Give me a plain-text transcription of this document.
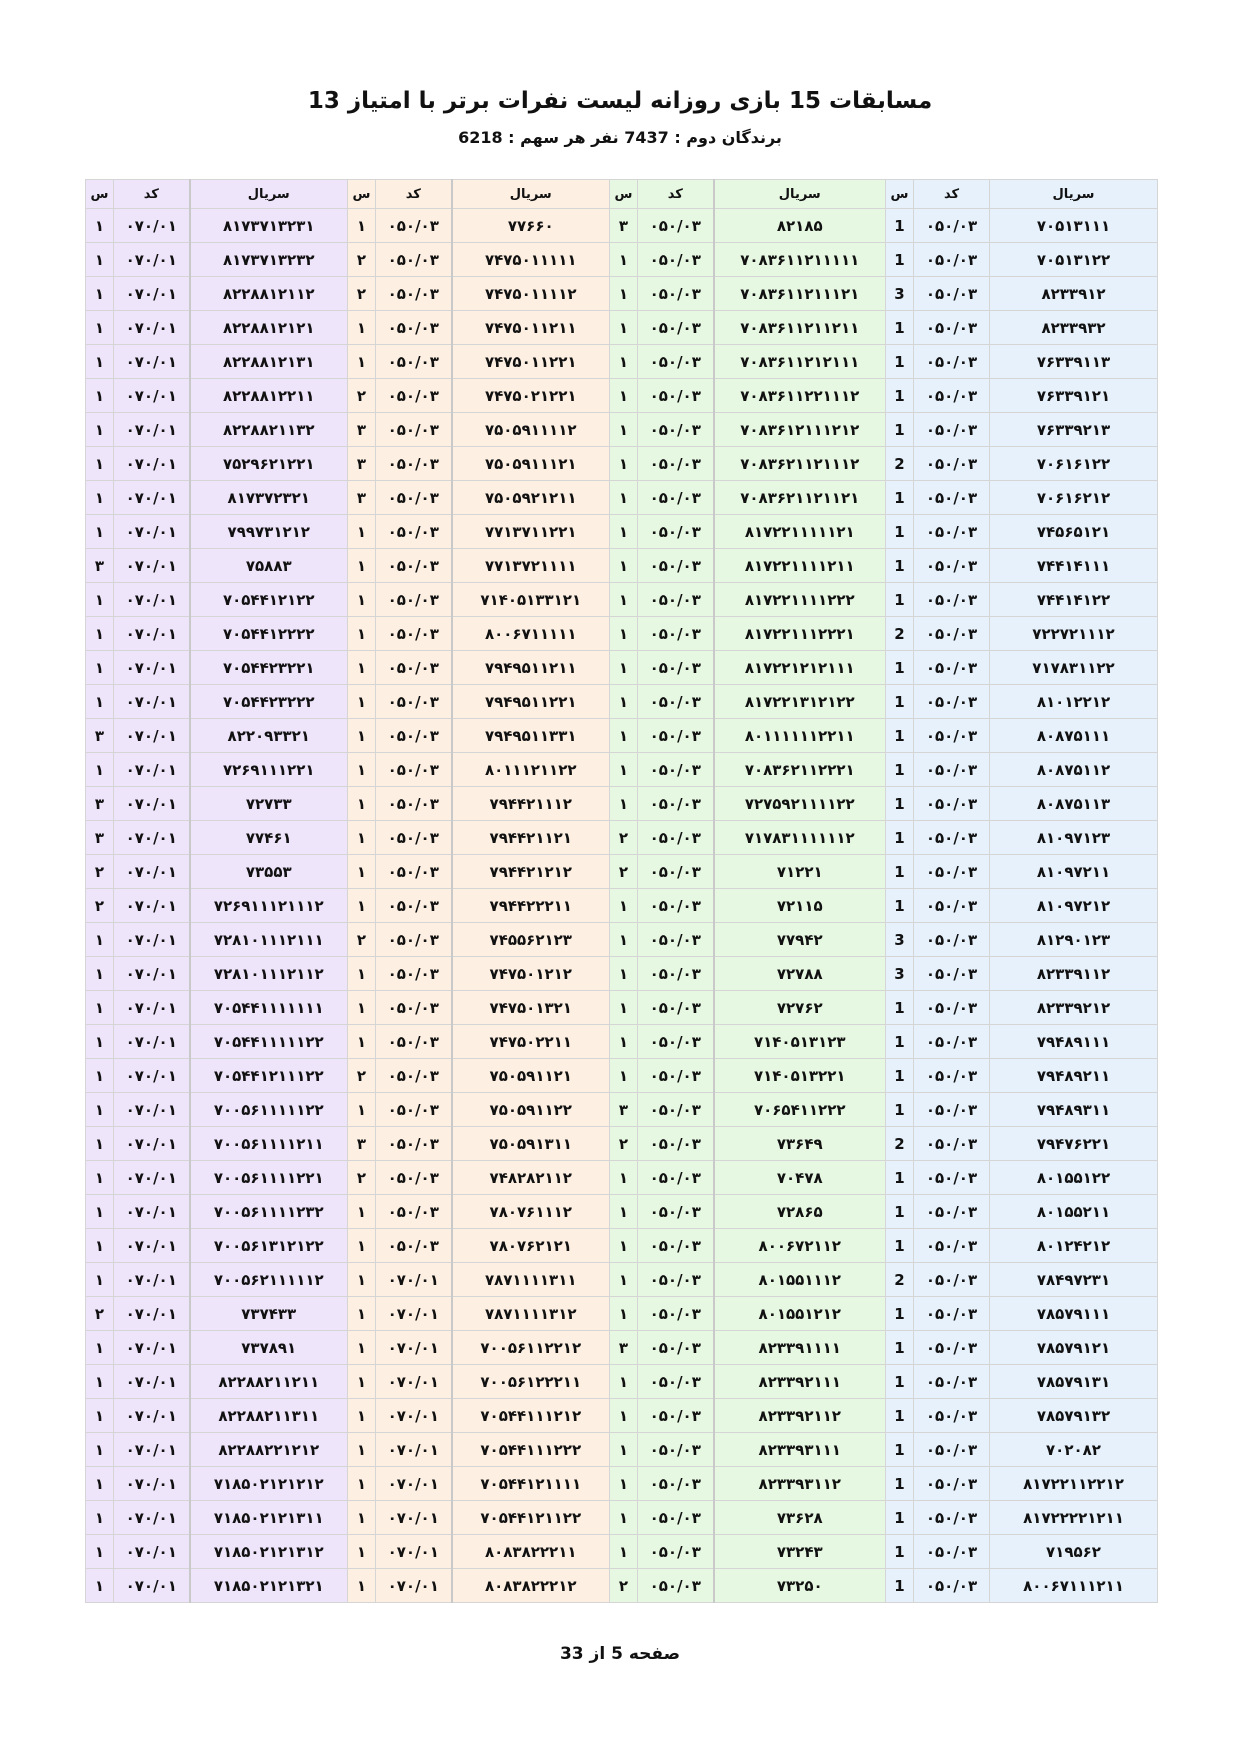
مسابقات 15 بازی روزانه لیست نفرات برتر با امتیاز 13
برندگان دوم : 7437 نفر هر سهم : 6218
س	کد	سریال	س	کد	سریال	س	کد	سریال	س	کد	سریال
۱	۰۷۰/۰۱	۸۱۷۳۷۱۳۲۳۱	۱	۰۵۰/۰۳	۷۷۶۶۰	۳	۰۵۰/۰۳	۸۲۱۸۵	1	۰۵۰/۰۳	۷۰۵۱۳۱۱۱
۱	۰۷۰/۰۱	۸۱۷۳۷۱۳۲۳۲	۲	۰۵۰/۰۳	۷۴۷۵۰۱۱۱۱۱	۱	۰۵۰/۰۳	۷۰۸۳۶۱۱۲۱۱۱۱۱	1	۰۵۰/۰۳	۷۰۵۱۳۱۲۲
۱	۰۷۰/۰۱	۸۲۲۸۸۱۲۱۱۲	۲	۰۵۰/۰۳	۷۴۷۵۰۱۱۱۱۲	۱	۰۵۰/۰۳	۷۰۸۳۶۱۱۲۱۱۱۲۱	3	۰۵۰/۰۳	۸۲۳۳۹۱۲
۱	۰۷۰/۰۱	۸۲۲۸۸۱۲۱۲۱	۱	۰۵۰/۰۳	۷۴۷۵۰۱۱۲۱۱	۱	۰۵۰/۰۳	۷۰۸۳۶۱۱۲۱۱۲۱۱	1	۰۵۰/۰۳	۸۲۳۳۹۳۲
۱	۰۷۰/۰۱	۸۲۲۸۸۱۲۱۳۱	۱	۰۵۰/۰۳	۷۴۷۵۰۱۱۲۲۱	۱	۰۵۰/۰۳	۷۰۸۳۶۱۱۲۱۲۱۱۱	1	۰۵۰/۰۳	۷۶۳۳۹۱۱۳
۱	۰۷۰/۰۱	۸۲۲۸۸۱۲۲۱۱	۲	۰۵۰/۰۳	۷۴۷۵۰۲۱۲۲۱	۱	۰۵۰/۰۳	۷۰۸۳۶۱۱۲۲۱۱۱۲	1	۰۵۰/۰۳	۷۶۳۳۹۱۲۱
۱	۰۷۰/۰۱	۸۲۲۸۸۲۱۱۳۲	۳	۰۵۰/۰۳	۷۵۰۵۹۱۱۱۱۲	۱	۰۵۰/۰۳	۷۰۸۳۶۱۲۱۱۱۲۱۲	1	۰۵۰/۰۳	۷۶۳۳۹۲۱۳
۱	۰۷۰/۰۱	۷۵۲۹۶۲۱۲۲۱	۳	۰۵۰/۰۳	۷۵۰۵۹۱۱۱۲۱	۱	۰۵۰/۰۳	۷۰۸۳۶۲۱۱۲۱۱۱۲	2	۰۵۰/۰۳	۷۰۶۱۶۱۲۲
۱	۰۷۰/۰۱	۸۱۷۳۷۲۳۲۱	۳	۰۵۰/۰۳	۷۵۰۵۹۲۱۲۱۱	۱	۰۵۰/۰۳	۷۰۸۳۶۲۱۱۲۱۱۲۱	1	۰۵۰/۰۳	۷۰۶۱۶۲۱۲
۱	۰۷۰/۰۱	۷۹۹۷۳۱۲۱۲	۱	۰۵۰/۰۳	۷۷۱۳۷۱۱۲۲۱	۱	۰۵۰/۰۳	۸۱۷۲۲۱۱۱۱۱۲۱	1	۰۵۰/۰۳	۷۴۵۶۵۱۲۱
۳	۰۷۰/۰۱	۷۵۸۸۳	۱	۰۵۰/۰۳	۷۷۱۳۷۲۱۱۱۱	۱	۰۵۰/۰۳	۸۱۷۲۲۱۱۱۱۲۱۱	1	۰۵۰/۰۳	۷۴۴۱۴۱۱۱
۱	۰۷۰/۰۱	۷۰۵۴۴۱۲۱۲۲	۱	۰۵۰/۰۳	۷۱۴۰۵۱۳۳۱۲۱	۱	۰۵۰/۰۳	۸۱۷۲۲۱۱۱۱۲۲۲	1	۰۵۰/۰۳	۷۴۴۱۴۱۲۲
۱	۰۷۰/۰۱	۷۰۵۴۴۱۲۲۲۲	۱	۰۵۰/۰۳	۸۰۰۶۷۱۱۱۱۱	۱	۰۵۰/۰۳	۸۱۷۲۲۱۱۱۲۲۲۱	2	۰۵۰/۰۳	۷۲۲۷۲۱۱۱۲
۱	۰۷۰/۰۱	۷۰۵۴۴۲۳۲۲۱	۱	۰۵۰/۰۳	۷۹۴۹۵۱۱۲۱۱	۱	۰۵۰/۰۳	۸۱۷۲۲۱۲۱۲۱۱۱	1	۰۵۰/۰۳	۷۱۷۸۳۱۱۲۲
۱	۰۷۰/۰۱	۷۰۵۴۴۲۳۲۲۲	۱	۰۵۰/۰۳	۷۹۴۹۵۱۱۲۲۱	۱	۰۵۰/۰۳	۸۱۷۲۲۱۳۱۲۱۲۲	1	۰۵۰/۰۳	۸۱۰۱۲۲۱۲
۳	۰۷۰/۰۱	۸۲۲۰۹۳۳۲۱	۱	۰۵۰/۰۳	۷۹۴۹۵۱۱۳۳۱	۱	۰۵۰/۰۳	۸۰۱۱۱۱۱۱۲۲۱۱	1	۰۵۰/۰۳	۸۰۸۷۵۱۱۱
۱	۰۷۰/۰۱	۷۲۶۹۱۱۱۲۲۱	۱	۰۵۰/۰۳	۸۰۱۱۱۲۱۱۲۲	۱	۰۵۰/۰۳	۷۰۸۳۶۲۱۱۲۲۲۱	1	۰۵۰/۰۳	۸۰۸۷۵۱۱۲
۳	۰۷۰/۰۱	۷۲۷۳۳	۱	۰۵۰/۰۳	۷۹۴۴۲۱۱۱۲	۱	۰۵۰/۰۳	۷۲۷۵۹۲۱۱۱۱۲۲	1	۰۵۰/۰۳	۸۰۸۷۵۱۱۳
۳	۰۷۰/۰۱	۷۷۴۶۱	۱	۰۵۰/۰۳	۷۹۴۴۲۱۱۲۱	۲	۰۵۰/۰۳	۷۱۷۸۳۱۱۱۱۱۱۲	1	۰۵۰/۰۳	۸۱۰۹۷۱۲۳
۲	۰۷۰/۰۱	۷۳۵۵۳	۱	۰۵۰/۰۳	۷۹۴۴۲۱۲۱۲	۲	۰۵۰/۰۳	۷۱۲۲۱	1	۰۵۰/۰۳	۸۱۰۹۷۲۱۱
۲	۰۷۰/۰۱	۷۲۶۹۱۱۱۲۱۱۱۲	۱	۰۵۰/۰۳	۷۹۴۴۲۲۲۱۱	۱	۰۵۰/۰۳	۷۲۱۱۵	1	۰۵۰/۰۳	۸۱۰۹۷۲۱۲
۱	۰۷۰/۰۱	۷۲۸۱۰۱۱۱۲۱۱۱	۲	۰۵۰/۰۳	۷۴۵۵۶۲۱۲۳	۱	۰۵۰/۰۳	۷۷۹۴۲	3	۰۵۰/۰۳	۸۱۲۹۰۱۲۳
۱	۰۷۰/۰۱	۷۲۸۱۰۱۱۱۲۱۱۲	۱	۰۵۰/۰۳	۷۴۷۵۰۱۲۱۲	۱	۰۵۰/۰۳	۷۲۷۸۸	3	۰۵۰/۰۳	۸۲۳۳۹۱۱۲
۱	۰۷۰/۰۱	۷۰۵۴۴۱۱۱۱۱۱۱	۱	۰۵۰/۰۳	۷۴۷۵۰۱۳۲۱	۱	۰۵۰/۰۳	۷۲۷۶۲	1	۰۵۰/۰۳	۸۲۳۳۹۲۱۲
۱	۰۷۰/۰۱	۷۰۵۴۴۱۱۱۱۱۲۲	۱	۰۵۰/۰۳	۷۴۷۵۰۲۲۱۱	۱	۰۵۰/۰۳	۷۱۴۰۵۱۳۱۲۳	1	۰۵۰/۰۳	۷۹۴۸۹۱۱۱
۱	۰۷۰/۰۱	۷۰۵۴۴۱۲۱۱۱۲۲	۲	۰۵۰/۰۳	۷۵۰۵۹۱۱۲۱	۱	۰۵۰/۰۳	۷۱۴۰۵۱۳۲۲۱	1	۰۵۰/۰۳	۷۹۴۸۹۲۱۱
۱	۰۷۰/۰۱	۷۰۰۵۶۱۱۱۱۱۲۲	۱	۰۵۰/۰۳	۷۵۰۵۹۱۱۲۲	۳	۰۵۰/۰۳	۷۰۶۵۴۱۱۲۲۲	1	۰۵۰/۰۳	۷۹۴۸۹۳۱۱
۱	۰۷۰/۰۱	۷۰۰۵۶۱۱۱۱۲۱۱	۳	۰۵۰/۰۳	۷۵۰۵۹۱۳۱۱	۲	۰۵۰/۰۳	۷۳۶۴۹	2	۰۵۰/۰۳	۷۹۴۷۶۲۲۱
۱	۰۷۰/۰۱	۷۰۰۵۶۱۱۱۱۲۲۱	۲	۰۵۰/۰۳	۷۴۸۲۸۲۱۱۲	۱	۰۵۰/۰۳	۷۰۴۷۸	1	۰۵۰/۰۳	۸۰۱۵۵۱۲۲
۱	۰۷۰/۰۱	۷۰۰۵۶۱۱۱۱۲۳۲	۱	۰۵۰/۰۳	۷۸۰۷۶۱۱۱۲	۱	۰۵۰/۰۳	۷۲۸۶۵	1	۰۵۰/۰۳	۸۰۱۵۵۲۱۱
۱	۰۷۰/۰۱	۷۰۰۵۶۱۳۱۲۱۲۲	۱	۰۵۰/۰۳	۷۸۰۷۶۲۱۲۱	۱	۰۵۰/۰۳	۸۰۰۶۷۲۱۱۲	1	۰۵۰/۰۳	۸۰۱۲۴۲۱۲
۱	۰۷۰/۰۱	۷۰۰۵۶۲۱۱۱۱۱۲	۱	۰۷۰/۰۱	۷۸۷۱۱۱۱۳۱۱	۱	۰۵۰/۰۳	۸۰۱۵۵۱۱۱۲	2	۰۵۰/۰۳	۷۸۴۹۷۲۳۱
۲	۰۷۰/۰۱	۷۳۷۴۳۳	۱	۰۷۰/۰۱	۷۸۷۱۱۱۱۳۱۲	۱	۰۵۰/۰۳	۸۰۱۵۵۱۲۱۲	1	۰۵۰/۰۳	۷۸۵۷۹۱۱۱
۱	۰۷۰/۰۱	۷۳۷۸۹۱	۱	۰۷۰/۰۱	۷۰۰۵۶۱۱۲۲۱۲	۳	۰۵۰/۰۳	۸۲۳۳۹۱۱۱۱	1	۰۵۰/۰۳	۷۸۵۷۹۱۲۱
۱	۰۷۰/۰۱	۸۲۲۸۸۲۱۱۲۱۱	۱	۰۷۰/۰۱	۷۰۰۵۶۱۲۲۲۱۱	۱	۰۵۰/۰۳	۸۲۳۳۹۲۱۱۱	1	۰۵۰/۰۳	۷۸۵۷۹۱۳۱
۱	۰۷۰/۰۱	۸۲۲۸۸۲۱۱۳۱۱	۱	۰۷۰/۰۱	۷۰۵۴۴۱۱۱۲۱۲	۱	۰۵۰/۰۳	۸۲۳۳۹۲۱۱۲	1	۰۵۰/۰۳	۷۸۵۷۹۱۳۲
۱	۰۷۰/۰۱	۸۲۲۸۸۲۲۱۲۱۲	۱	۰۷۰/۰۱	۷۰۵۴۴۱۱۱۲۲۲	۱	۰۵۰/۰۳	۸۲۳۳۹۳۱۱۱	1	۰۵۰/۰۳	۷۰۲۰۸۲
۱	۰۷۰/۰۱	۷۱۸۵۰۲۱۲۱۲۱۲	۱	۰۷۰/۰۱	۷۰۵۴۴۱۲۱۱۱۱	۱	۰۵۰/۰۳	۸۲۳۳۹۳۱۱۲	1	۰۵۰/۰۳	۸۱۷۲۲۱۱۲۲۱۲
۱	۰۷۰/۰۱	۷۱۸۵۰۲۱۲۱۳۱۱	۱	۰۷۰/۰۱	۷۰۵۴۴۱۲۱۱۲۲	۱	۰۵۰/۰۳	۷۳۶۲۸	1	۰۵۰/۰۳	۸۱۷۲۲۲۲۱۲۱۱
۱	۰۷۰/۰۱	۷۱۸۵۰۲۱۲۱۳۱۲	۱	۰۷۰/۰۱	۸۰۸۳۸۲۲۲۱۱	۱	۰۵۰/۰۳	۷۳۲۴۳	1	۰۵۰/۰۳	۷۱۹۵۶۲
۱	۰۷۰/۰۱	۷۱۸۵۰۲۱۲۱۳۲۱	۱	۰۷۰/۰۱	۸۰۸۳۸۲۲۲۱۲	۲	۰۵۰/۰۳	۷۳۲۵۰	1	۰۵۰/۰۳	۸۰۰۶۷۱۱۱۲۱۱
صفحه 5 از 33
